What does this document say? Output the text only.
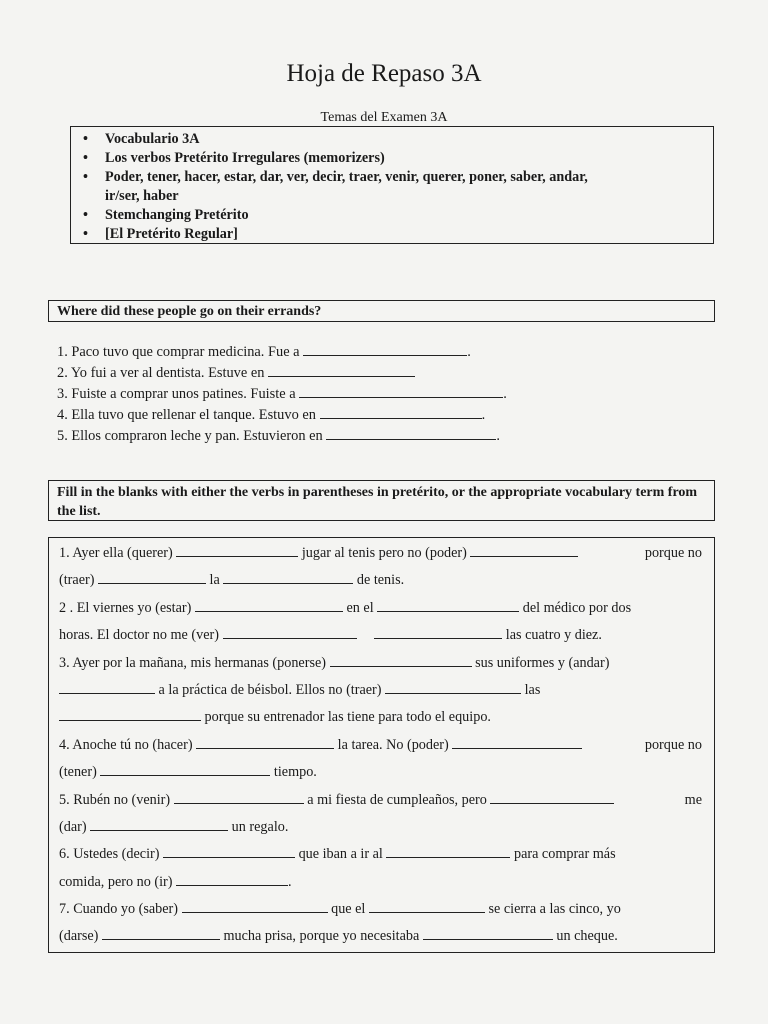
Hoja de Repaso 3A
Temas del Examen 3A
• Vocabulario 3A
• Los verbos Pretérito Irregulares (memorizers)
• Poder, tener, hacer, estar, dar, ver, decir, traer, venir, querer, poner, saber, andar,
ir/ser, haber
• Stemchanging Pretérito
• [El Pretérito Regular]
Where did these people go on their errands?
1. Paco tuvo que comprar medicina. Fue a	.
2. Yo fui a ver al dentista. Estuve en
3. Fuiste a comprar unos patines. Fuiste a	.
4. Ella tuvo que rellenar el tanque. Estuvo en	.
5. Ellos compraron leche y pan. Estuvieron en	.
Fill in the blanks with either the verbs in parentheses in pretérito, or the appropriate vocabulary term from the list.
1. Ayer ella (querer)	jugar al tenis pero no (poder)	porque no
(traer)	la	de tenis.
2 . El viernes yo (estar)	en el	del médico por dos
horas. El doctor no me (ver)	las cuatro y diez.
3. Ayer por la mañana, mis hermanas (ponerse)	sus uniformes y (andar)
a la práctica de béisbol. Ellos no (traer)	las
porque su entrenador las tiene para todo el equipo.
4. Anoche tú no (hacer)	la tarea. No (poder)	porque no
(tener)	tiempo.
5. Rubén no (venir)	a mi fiesta de cumpleaños, pero	me
(dar)	un regalo.
6. Ustedes (decir)	que iban a ir al	para comprar más
comida, pero no (ir)	.
7. Cuando yo (saber)	que el	se cierra a las cinco, yo
(darse)	mucha prisa, porque yo necesitaba	un cheque.
